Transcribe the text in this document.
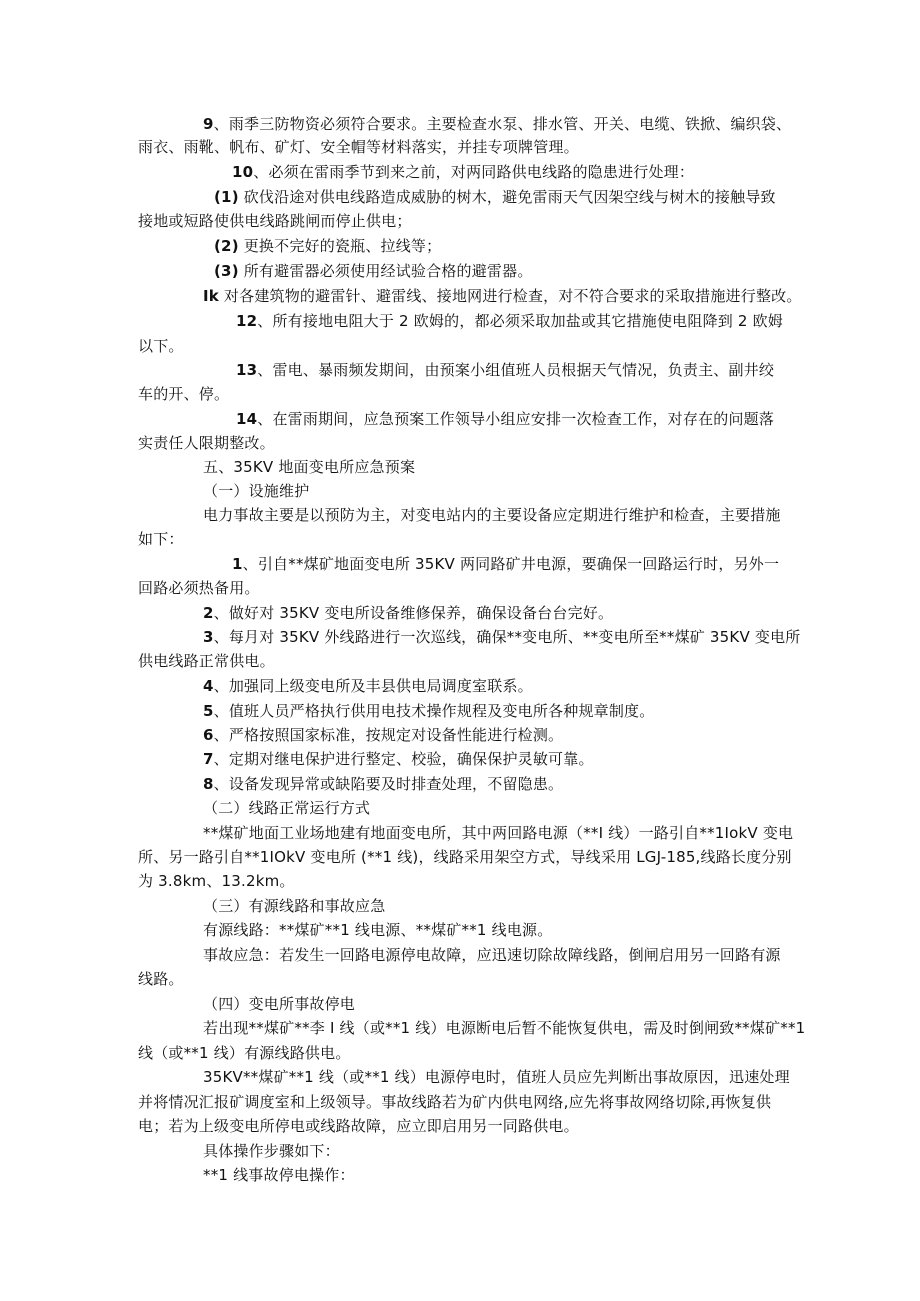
9、雨季三防物资必须符合要求。主要检查水泵、排水管、开关、电缆、铁掀、编织袋、
雨衣、雨靴、帆布、矿灯、安全帽等材料落实，并挂专项牌管理。
10、必须在雷雨季节到来之前，对两同路供电线路的隐患进行处理：
(1) 砍伐沿途对供电线路造成威胁的树木，避免雷雨天气因架空线与树木的接触导致
接地或短路使供电线路跳闸而停止供电；
(2) 更换不完好的瓷瓶、拉线等；
(3) 所有避雷器必须使用经试验合格的避雷器。
Ik 对各建筑物的避雷针、避雷线、接地网进行检查，对不符合要求的采取措施进行整改。
12、所有接地电阻大于 2 欧姆的，都必须采取加盐或其它措施使电阻降到 2 欧姆
以下。
13、雷电、暴雨频发期间，由预案小组值班人员根据天气情况，负责主、副井绞
车的开、停。
14、在雷雨期间，应急预案工作领导小组应安排一次检查工作，对存在的问题落
实责任人限期整改。
五、35KV 地面变电所应急预案
（一）设施维护
电力事故主要是以预防为主，对变电站内的主要设备应定期进行维护和检查，主要措施
如下：
1、引自**煤矿地面变电所 35KV 两同路矿井电源，要确保一回路运行时，另外一
回路必须热备用。
2、做好对 35KV 变电所设备维修保养，确保设备台台完好。
3、每月对 35KV 外线路进行一次巡线，确保**变电所、**变电所至**煤矿 35KV 变电所
供电线路正常供电。
4、加强同上级变电所及丰县供电局调度室联系。
5、值班人员严格执行供用电技术操作规程及变电所各种规章制度。
6、严格按照国家标准，按规定对设备性能进行检测。
7、定期对继电保护进行整定、校验，确保保护灵敏可靠。
8、设备发现异常或缺陷要及时排查处理，不留隐患。
（二）线路正常运行方式
**煤矿地面工业场地建有地面变电所，其中两回路电源（**I 线）一路引自**1IokV 变电
所、另一路引自**1IOkV 变电所 (**1 线)，线路采用架空方式，导线采用 LGJ-185,线路长度分别
为 3.8km、13.2km。
（三）有源线路和事故应急
有源线路：**煤矿**1 线电源、**煤矿**1 线电源。
事故应急：若发生一回路电源停电故障，应迅速切除故障线路，倒闸启用另一回路有源
线路。
（四）变电所事故停电
若出现**煤矿**李 I 线（或**1 线）电源断电后暂不能恢复供电，需及时倒闸致**煤矿**1
线（或**1 线）有源线路供电。
35KV**煤矿**1 线（或**1 线）电源停电时，值班人员应先判断出事故原因，迅速处理
并将情况汇报矿调度室和上级领导。事故线路若为矿内供电网络,应先将事故网络切除,再恢复供
电；若为上级变电所停电或线路故障，应立即启用另一同路供电。
具体操作步骤如下：
**1 线事故停电操作：
